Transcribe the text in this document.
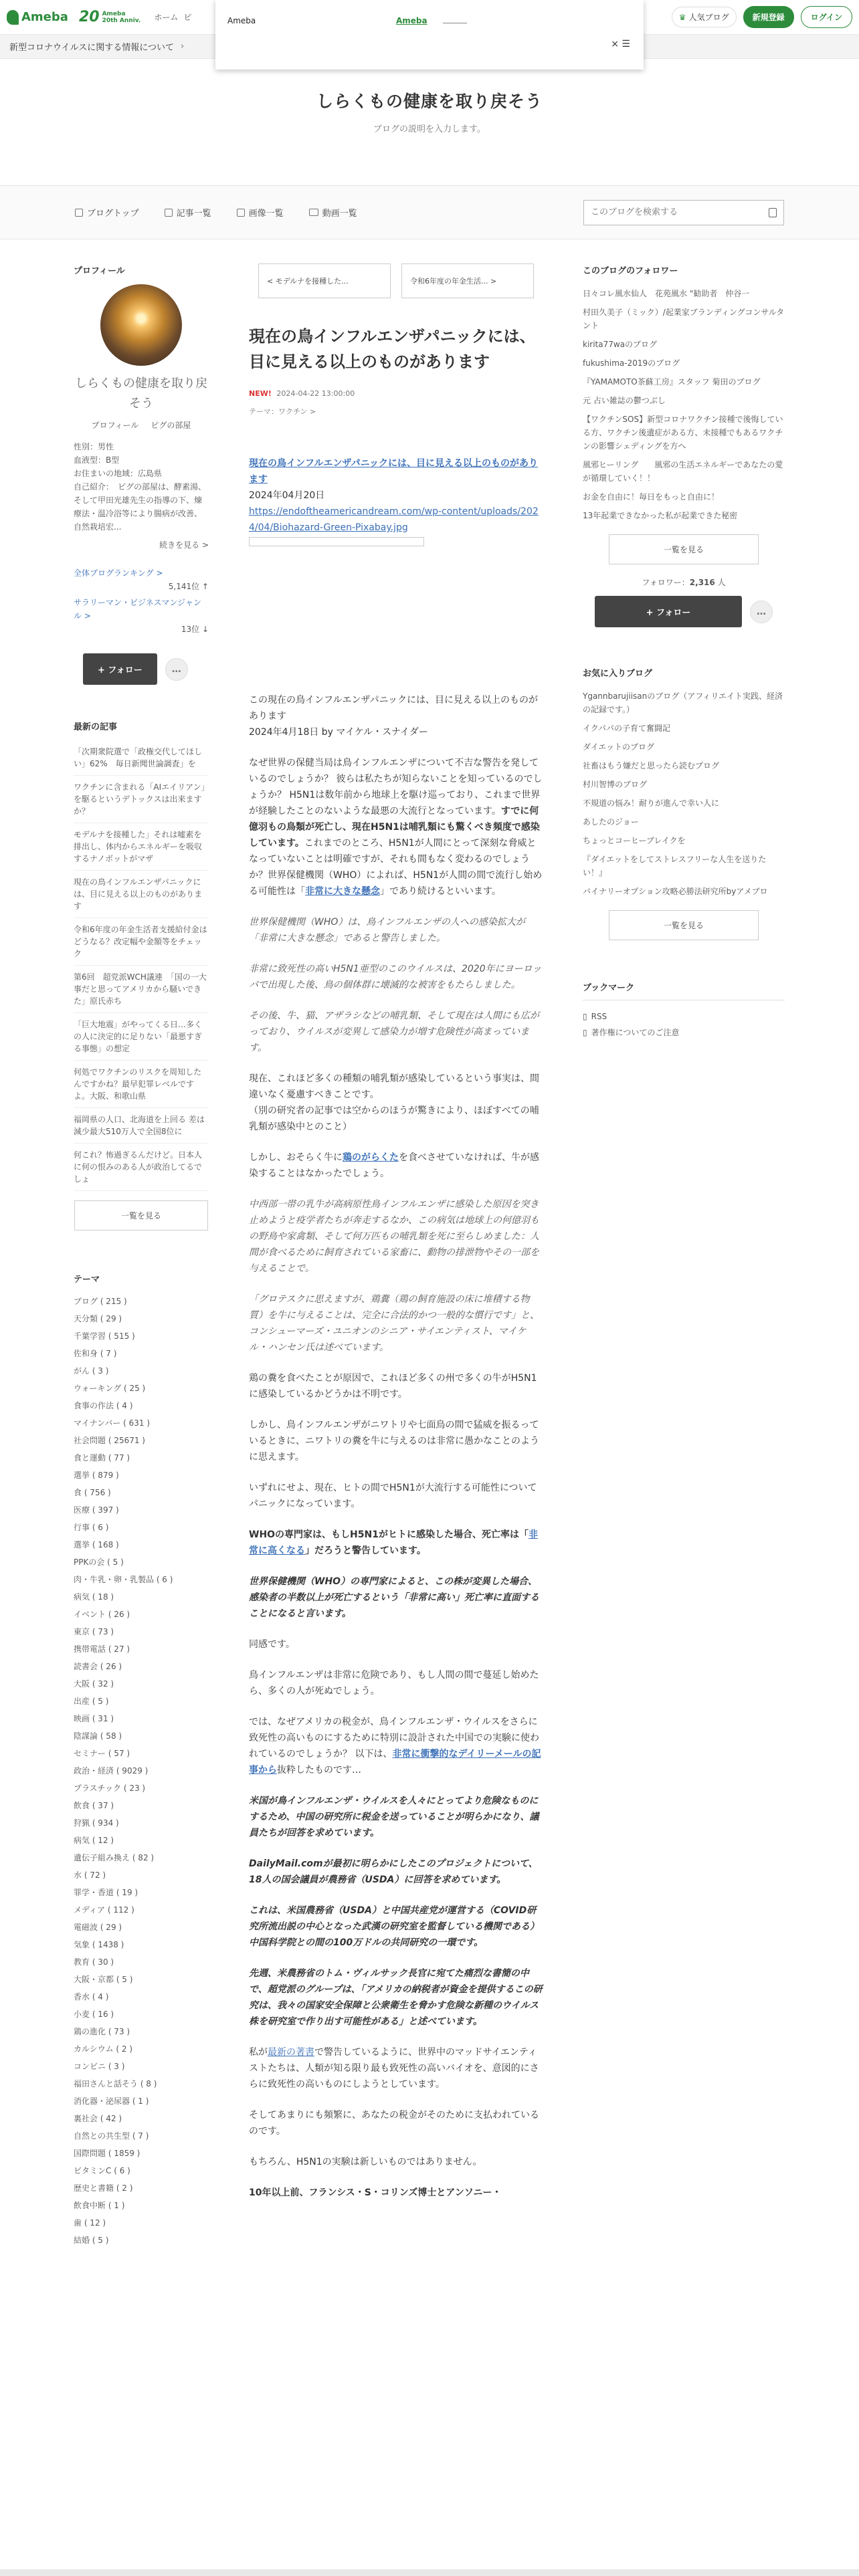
Ameba 20 Ameba
20th Anniv. ホーム ピ	♛ 人気ブログ	新規登録	ログイン
新型コロナウイルスに関する情報について ›
Ameba	Ameba
× ☰
しらくもの健康を取り戻そう
ブログの説明を入力します。
ブログトップ	記事一覧	画像一覧	動画一覧
このブログを検索する
プロフィール
しらくもの健康を取り戻そう
プロフィール ピグの部屋
性別：男性
血液型：B型
お住まいの地域：広島県
自己紹介：　ピグの部屋は、酵素湯、そして甲田光雄先生の指導の下、煉療法・温冷浴等により腸病が改善、自然栽培宏...
続きを見る >
全体ブログランキング >
5,141位 ↑
サラリーマン・ビジネスマンジャンル >
13位 ↓
+ フォロー	…
最新の記事
「次期衆院選で「政権交代してほしい」62%　毎日新聞世論調査」を
ワクチンに含まれる「AIエイリアン」を駆るというデトックスは出来ますか？
モデルナを接種した」それは嘘素を排出し、体内からエネルギーを吸収するナノボットがマザ
現在の鳥インフルエンザパニックには、目に見える以上のものがあります
令和6年度の年金生活者支援給付金はどうなる？改定幅や金額等をチェック
第6回　超党派WCH議連　「国の一大事だと思ってアメリカから騒いできた」原氏赤ち
「巨大地震」がやってくる日…多くの人に決定的に足りない「最悪すぎる事態」の想定
何処でワクチンのリスクを周知したんですかね？最早犯罪レベルですよ。大阪、和歌山県
福岡県の人口、北海道を上回る 差は減少最大510万人で全国8位に
何これ？怖過ぎるんだけど。日本人に何の恨みのある人が政治してるでしょ
一覧を見る
テーマ
ブログ ( 215 )
天分類 ( 29 )
千葉学習 ( 515 )
佐和身 ( 7 )
がん ( 3 )
ウォーキング ( 25 )
食事の作法 ( 4 )
マイナンバー ( 631 )
社会問題 ( 25671 )
食と運動 ( 77 )
選挙 ( 879 )
食 ( 756 )
医療 ( 397 )
行事 ( 6 )
選挙 ( 168 )
PPKの会 ( 5 )
肉・牛乳・卵・乳製品 ( 6 )
病気 ( 18 )
イベント ( 26 )
東京 ( 73 )
携帯電話 ( 27 )
読書会 ( 26 )
大阪 ( 32 )
出産 ( 5 )
映画 ( 31 )
陰謀論 ( 58 )
セミナー ( 57 )
政治・経済 ( 9029 )
プラスチック ( 23 )
飲食 ( 37 )
狩猟 ( 934 )
病気 ( 12 )
遺伝子組み換え ( 82 )
水 ( 72 )
罪学・香道 ( 19 )
メディア ( 112 )
電磁波 ( 29 )
気象 ( 1438 )
教育 ( 30 )
大阪・京都 ( 5 )
香水 ( 4 )
小麦 ( 16 )
鶏の進化 ( 73 )
カルシウム ( 2 )
コンビニ ( 3 )
福田さんと話そう ( 8 )
消化器・泌尿器 ( 1 )
裏社会 ( 42 )
自然との共生型 ( 7 )
国際問題 ( 1859 )
ビタミンC ( 6 )
歴史と書籍 ( 2 )
飲食中断 ( 1 )
歯 ( 12 )
結婚 ( 5 )
< モデルナを接種した...	令和6年度の年金生活... >
現在の鳥インフルエンザパニックには、目に見える以上のものがあります
NEW! 2024-04-22 13:00:00
テーマ：ワクチン >

現在の鳥インフルエンザパニックには、目に見える以上のものがあります

2024年04月20日

https://endoftheamericandream.com/wp-content/uploads/2024/04/Biohazard-Green-Pixabay.jpg

この現在の鳥インフルエンザパニックには、目に見える以上のものがあります
2024年4月18日 by マイケル・スナイダー

なぜ世界の保健当局は鳥インフルエンザについて不吉な警告を発しているのでしょうか？ 彼らは私たちが知らないことを知っているのでしょうか？ H5N1は数年前から地球上を駆け巡っており、これまで世界が経験したことのないような最悪の大流行となっています。すでに何億羽もの鳥類が死亡し、現在H5N1は哺乳類にも驚くべき頻度で感染しています。これまでのところ、H5N1が人間にとって深刻な脅威となっていないことは明確ですが、それも間もなく変わるのでしょうか？世界保健機関（WHO）によれば、H5N1が人間の間で流行し始める可能性は「非常に大きな懸念」であり続けるといいます。

世界保健機関（WHO）は、鳥インフルエンザの人への感染拡大が「非常に大きな懸念」であると警告しました。

非常に致死性の高いH5N1亜型のこのウイルスは、2020年にヨーロッパで出現した後、鳥の個体群に壊滅的な被害をもたらしました。

その後、牛、猫、アザラシなどの哺乳類、そして現在は人間にも広がっており、ウイルスが変異して感染力が増す危険性が高まっています。

現在、これほど多くの種類の哺乳類が感染しているという事実は、間違いなく憂慮すべきことです。
（別の研究者の記事では空からのほうが驚きにより、ほぼすべての哺乳類が感染中とのこと）

しかし、おそらく牛に鶏のがらくたを食べさせていなければ、牛が感染することはなかったでしょう。

中西部一帯の乳牛が高病原性鳥インフルエンザに感染した原因を突き止めようと疫学者たちが奔走するなか、この病気は地球上の何億羽もの野鳥や家禽類、そして何万匹もの哺乳類を死に至らしめました：人間が食べるために飼育されている家畜に、動物の排泄物やその一部を与えることで。

「グロテスクに思えますが、鶏糞（鶏の飼育施設の床に堆積する物質）を牛に与えることは、完全に合法的かつ一般的な慣行です」と、コンシューマーズ・ユニオンのシニア・サイエンティスト、マイケル・ハンセン氏は述べています。

鶏の糞を食べたことが原因で、これほど多くの州で多くの牛がH5N1に感染しているかどうかは不明です。

しかし、鳥インフルエンザがニワトリや七面鳥の間で猛威を振るっているときに、ニワトリの糞を牛に与えるのは非常に愚かなことのように思えます。

いずれにせよ、現在、ヒトの間でH5N1が大流行する可能性についてパニックになっています。

WHOの専門家は、もしH5N1がヒトに感染した場合、死亡率は「非常に高くなる」だろうと警告しています。

世界保健機関（WHO）の専門家によると、この株が変異した場合、感染者の半数以上が死亡するという「非常に高い」死亡率に直面することになると言います。

同感です。

鳥インフルエンザは非常に危険であり、もし人間の間で蔓延し始めたら、多くの人が死ぬでしょう。

では、なぜアメリカの税金が、鳥インフルエンザ・ウイルスをさらに致死性の高いものにするために特別に設計された中国での実験に使われているのでしょうか？ 以下は、非常に衝撃的なデイリーメールの記事から抜粋したものです…

米国が鳥インフルエンザ・ウイルスを人々にとってより危険なものにするため、中国の研究所に税金を送っていることが明らかになり、議員たちが回答を求めています。

DailyMail.comが最初に明らかにしたこのプロジェクトについて、18人の国会議員が農務省（USDA）に回答を求めています。

これは、米国農務省（USDA）と中国共産党が運営する（COVID研究所流出説の中心となった武漢の研究室を監督している機関である）中国科学院との間の100万ドルの共同研究の一環です。

先週、米農務省のトム・ヴィルサック長官に宛てた痛烈な書簡の中で、超党派のグループは、「アメリカの納税者が資金を提供するこの研究は、我々の国家安全保障と公衆衛生を脅かす危険な新種のウイルス株を研究室で作り出す可能性がある」と述べています。

私が最新の著書で警告しているように、世界中のマッドサイエンティストたちは、人類が知る限り最も致死性の高いバイオを、意図的にさらに致死性の高いものにしようとしています。

そしてあまりにも頻繁に、あなたの税金がそのために支払われているのです。

もちろん、H5N1の実験は新しいものではありません。

10年以上前、フランシス・S・コリンズ博士とアンソニー・

このブログのフォロワー
日々コレ風水仙人　花苑風水 "勧助者　仲谷一
村田久美子（ミック）/起業家ブランディングコンサルタント
kirita77waのブログ
fukushima-2019のブログ
『YAMAMOTO茶蘇工房』スタッフ 菊田のブログ
元 占い雑誌の鬱つぶし
【ワクチンSOS】新型コロナワクチン接種で後悔している方、ワクチン後遺症がある方、未接種でもあるワクチンの影響シェディングを方へ
風邪ヒーリング　　風邪の生活エネルギーであなたの愛が循環していく！！
お金を自由に！毎日をもっと自由に！
13年起業できなかった私が起業できた秘密
一覧を見る
フォロワー：2,316 人
+ フォロー	…
お気に入りブログ
Ygannbarujiisanのブログ（アフィリエイト実践、経済の記録です。）
イクパパの子育て奮闘記
ダイエットのブログ
社畜はもう嫌だと思ったら読むブログ
村川智博のブログ
不規道の悩み！耐りが進んで幸い人に
あしたのジョー
ちょっとコーヒーブレイクを
『ダイエットをしてストレスフリーな人生を送りたい！』
バイナリーオプション攻略必勝法研究所byアメブロ
一覧を見る
ブックマーク
▯ RSS
▯ 著作権についてのご注意
